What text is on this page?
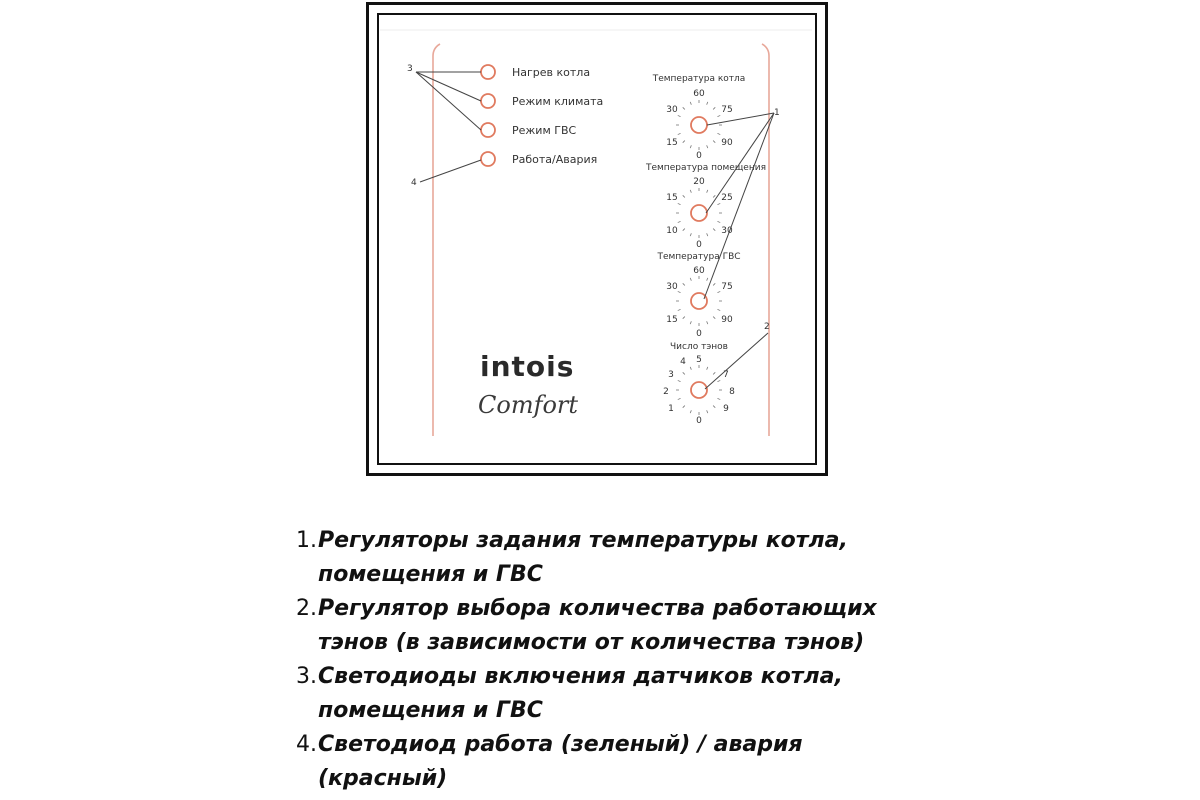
Нагрев котла
Режим климата
Режим ГВС
Работа/Авария
3
4
Температура котла
60
75
90
0
15
30
Температура помещения
20
25
30
0
10
15
Температура ГВС
60
75
90
0
15
30
Число тэнов
5
7
8
9
0
1
2
3
4
1
2
intois
Comfort
1. Регуляторы задания температуры котла, помещения и ГВС
2. Регулятор выбора количества работающих тэнов (в зависимости от количества тэнов)
3. Светодиоды включения датчиков котла, помещения и ГВС
4. Светодиод работа (зеленый) / авария (красный)
